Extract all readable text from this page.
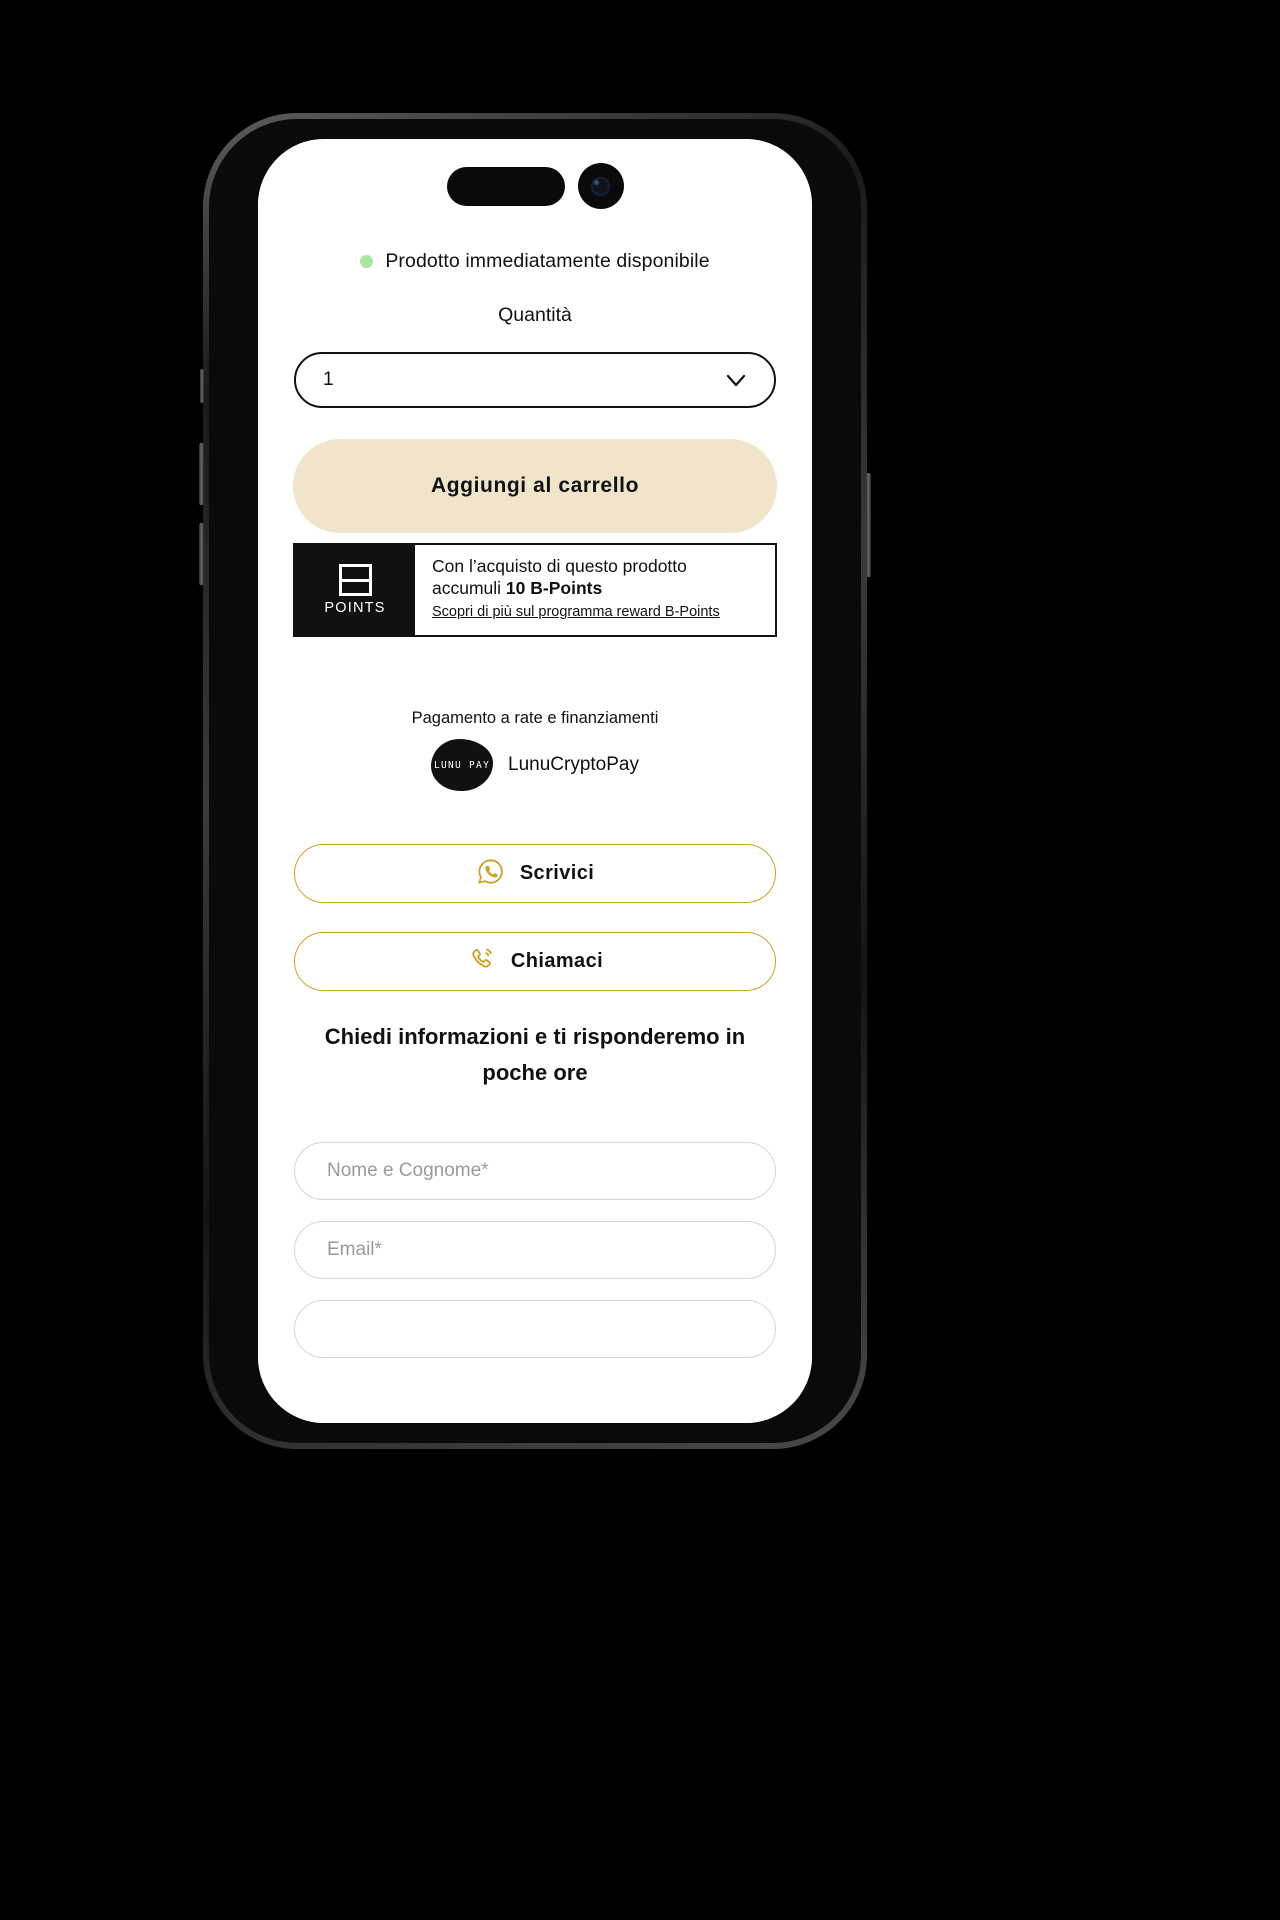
Prodotto immediatamente disponibile
Quantità
1
Aggiungi al carrello
POINTS
Con l’acquisto di questo prodotto
accumuli 10 B-Points
Scopri di più sul programma reward B-Points
Pagamento a rate e finanziamenti
LUNU PAY LunuCryptoPay
Scrivici
Chiamaci
Chiedi informazioni e ti risponderemo in poche ore
Nome e Cognome*
Email*
